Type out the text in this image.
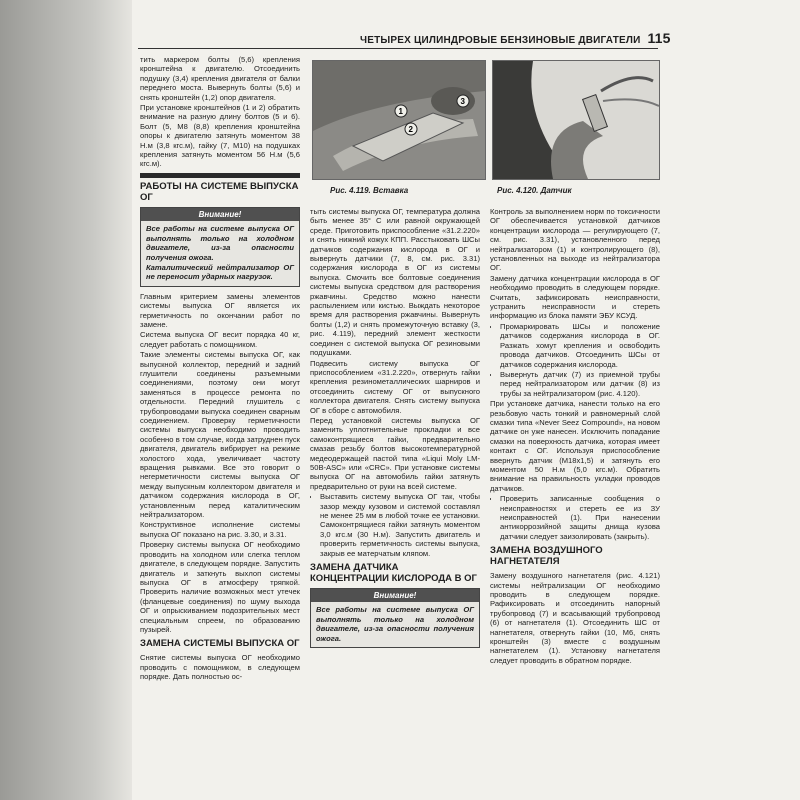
ЧЕТЫРЕХ ЦИЛИНДРОВЫЕ БЕНЗИНОВЫЕ ДВИГАТЕЛИ 115
1
2
3
Рис. 4.119. Вставка	Рис. 4.120. Датчик

тить маркером болты (5,6) крепления кронштейна к двигателю. Отсоединить подушку (3,4) крепления двигателя от балки переднего моста. Вывернуть болты (5,6) и снять кронштейн (1,2) опор двигателя.

При установке кронштейнов (1 и 2) обратить внимание на разную длину болтов (5 и 6). Болт (5, M8 (8,8) крепления кронштейна опоры к двигателю затянуть моментом 38 Н.м (3,8 кгс.м), гайку (7, M10) на подушках крепления затянуть моментом 56 Н.м (5,6 кгс.м).

РАБОТЫ НА СИСТЕМЕ ВЫПУСКА ОГ
Внимание!

Все работы на системе выпуска ОГ выполнять только на холодном двигателе, из-за опасности получения ожога.

Каталитический нейтрализатор ОГ не переносит ударных нагрузок.

Главным критерием замены элементов системы выпуска ОГ является их герметичность по окончании работ по замене.

Система выпуска ОГ весит порядка 40 кг, следует работать с помощником.

Такие элементы системы выпуска ОГ, как выпускной коллектор, передний и задний глушители соединены разъемными соединениями, поэтому они могут заменяться в процессе ремонта по отдельности. Передний глушитель с трубопроводами выпуска соединен сварным соединением. Проверку герметичности системы выпуска необходимо проводить особенно в том случае, когда затруднен пуск двигателя, двигатель вибрирует на режиме холостого хода, увеличивает частоту вращения рывками. Все это говорит о негерметичности системы выпуска ОГ между выпускным коллектором двигателя и датчиком содержания кислорода в ОГ, установленным перед каталитическим нейтрализатором.

Конструктивное исполнение системы выпуска ОГ показано на рис. 3.30, и 3.31.

Проверку системы выпуска ОГ необходимо проводить на холодном или слегка теплом двигателе, в следующем порядке. Запустить двигатель и заткнуть выхлоп системы выпуска ОГ в атмосферу тряпкой. Проверить наличие возможных мест утечек (фланцевые соединения) по шуму выхода ОГ и опрыскиванием подозрительных мест специальным спреем, по образованию пузырей.

ЗАМЕНА СИСТЕМЫ ВЫПУСКА ОГ

Снятие системы выпуска ОГ необходимо проводить с помощником, в следующем порядке. Дать полностью ос-

тыть системы выпуска ОГ, температура должна быть менее 35° С или равной окружающей среде. Приготовить приспособление «31.2.220» и снять нижний кожух КПП. Расстыковать ШСы датчиков содержания кислорода в ОГ и вывернуть датчики (7, 8, см. рис. 3.31) содержания кислорода в ОГ из системы выпуска. Смочить все болтовые соединения системы выпуска средством для растворения ржавчины. Средство можно нанести распылением или кистью. Выждать некоторое время для растворения ржавчины. Вывернуть болты (1,2) и снять промежуточную вставку (3, рис. 4.119), передний элемент жесткости соединен с системой выпуска ОГ резиновыми подушками.

Подвесить систему выпуска ОГ приспособлением «31.2.220», отвернуть гайки крепления резинометаллических шарниров и отсоединить систему ОГ от выпускного коллектора двигателя. Снять систему выпуска ОГ в сборе с автомобиля.

Перед установкой системы выпуска ОГ заменить уплотнительные прокладки и все самоконтрящиеся гайки, предварительно смазав резьбу болтов высокотемпературной медеодержащей пастой типа «Liqui Moly LM-50B-ASC» или «CRC». При установке системы выпуска ОГ на автомобиль гайки затянуть предварительно от руки на всей системе.

• Выставить систему выпуска ОГ так, чтобы зазор между кузовом и системой составлял не менее 25 мм в любой точке ее установки. Самоконтрящиеся гайки затянуть моментом 3,0 кгс.м (30 Н.м). Запустить двигатель и проверить герметичность системы выпуска, закрыв ее матерчатым кляпом.
ЗАМЕНА ДАТЧИКА КОНЦЕНТРАЦИИ КИСЛОРОДА В ОГ
Внимание!

Все работы на системе выпуска ОГ выполнять только на холодном двигателе, из-за опасности получения ожога.

Контроль за выполнением норм по токсичности ОГ обеспечивается установкой датчиков концентрации кислорода — регулирующего (7, см. рис. 3.31), установленного перед нейтрализатором (1) и контролирующего (8), установленных на выходе из нейтрализатора ОГ.

Замену датчика концентрации кислорода в ОГ необходимо проводить в следующем порядке. Считать, зафиксировать неисправности, устранить неисправности и стереть информацию из блока памяти ЭБУ КСУД.

• Промаркировать ШСы и положение датчиков содержания кислорода в ОГ. Разжать хомут крепления и освободить провода датчиков. Отсоединить ШСы от датчиков содержания кислорода.
• Вывернуть датчик (7) из приемной трубы перед нейтрализатором или датчик (8) из трубы за нейтрализатором (рис. 4.120).

При установке датчика, нанести только на его резьбовую часть тонкий и равномерный слой смазки типа «Never Seez Compound», на новом датчике он уже нанесен. Исключить попадание смазки на поверхность датчика, которая имеет контакт с ОГ. Используя приспособление ввернуть датчик (M18x1,5) и затянуть его моментом 50 Н.м (5,0 кгс.м). Обратить внимание на правильность укладки проводов датчиков.

• Проверить записанные сообщения о неисправностях и стереть ее из ЗУ неисправностей (1). При нанесении антикоррозийной защиты днища кузова датчики следует заизолировать (закрыть).
ЗАМЕНА ВОЗДУШНОГО НАГНЕТАТЕЛЯ

Замену воздушного нагнетателя (рис. 4.121) системы нейтрализации ОГ необходимо проводить в следующем порядке. Рафиксировать и отсоединить напорный трубопровод (7) и всасывающий трубопровод (6) от нагнетателя (1). Отсоединить ШС от нагнетателя, отвернуть гайки (10, M6, снять кронштейн (3) вместе с воздушным нагнетателем (1). Установку нагнетателя следует проводить в обратном порядке.
